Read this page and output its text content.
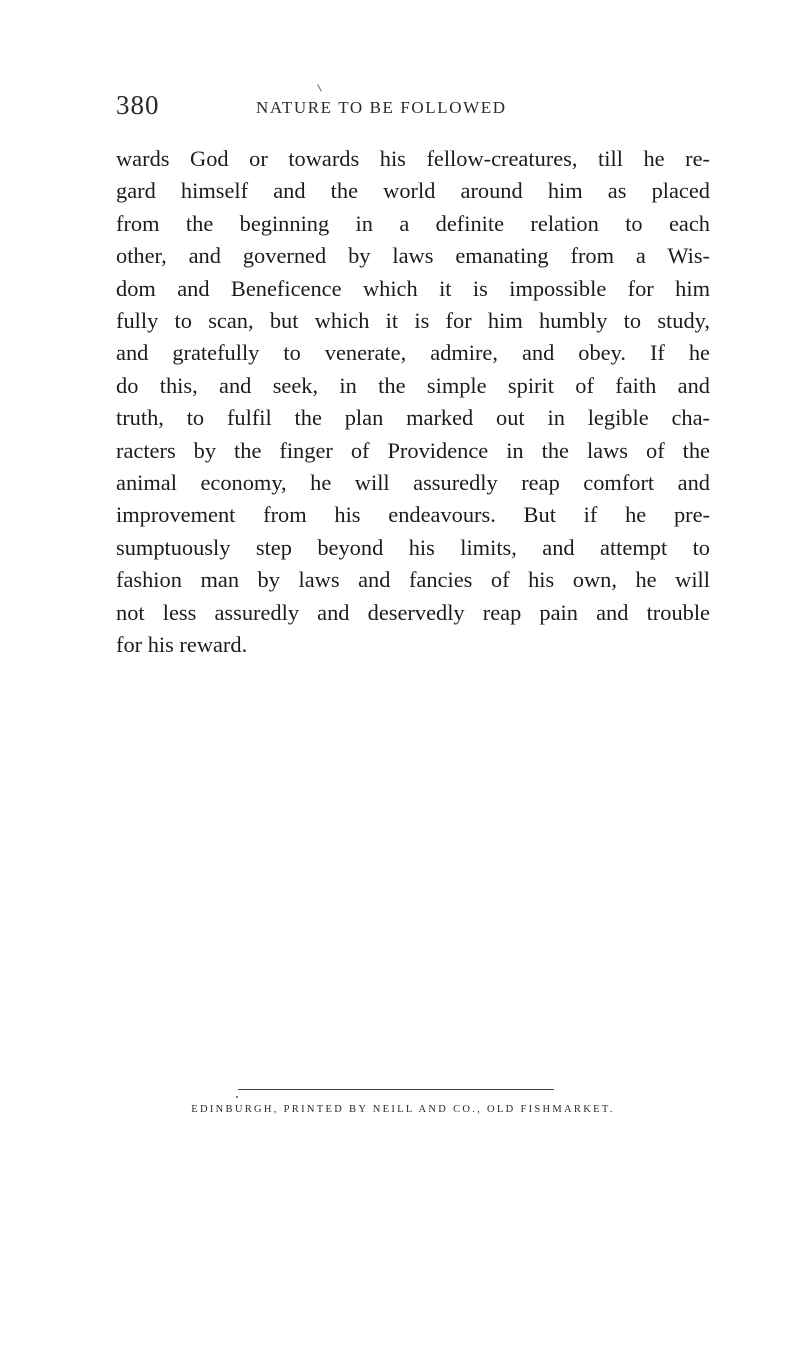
380	NATURE TO BE FOLLOWED
wards God or towards his fellow-creatures, till he re-
gard himself and the world around him as placed
from the beginning in a definite relation to each
other, and governed by laws emanating from a Wis-
dom and Beneficence which it is impossible for him
fully to scan, but which it is for him humbly to study,
and gratefully to venerate, admire, and obey. If he
do this, and seek, in the simple spirit of faith and
truth, to fulfil the plan marked out in legible cha-
racters by the finger of Providence in the laws of the
animal economy, he will assuredly reap comfort and
improvement from his endeavours. But if he pre-
sumptuously step beyond his limits, and attempt to
fashion man by laws and fancies of his own, he will
not less assuredly and deservedly reap pain and trouble
for his reward.
EDINBURGH, PRINTED BY NEILL AND CO., OLD FISHMARKET.
